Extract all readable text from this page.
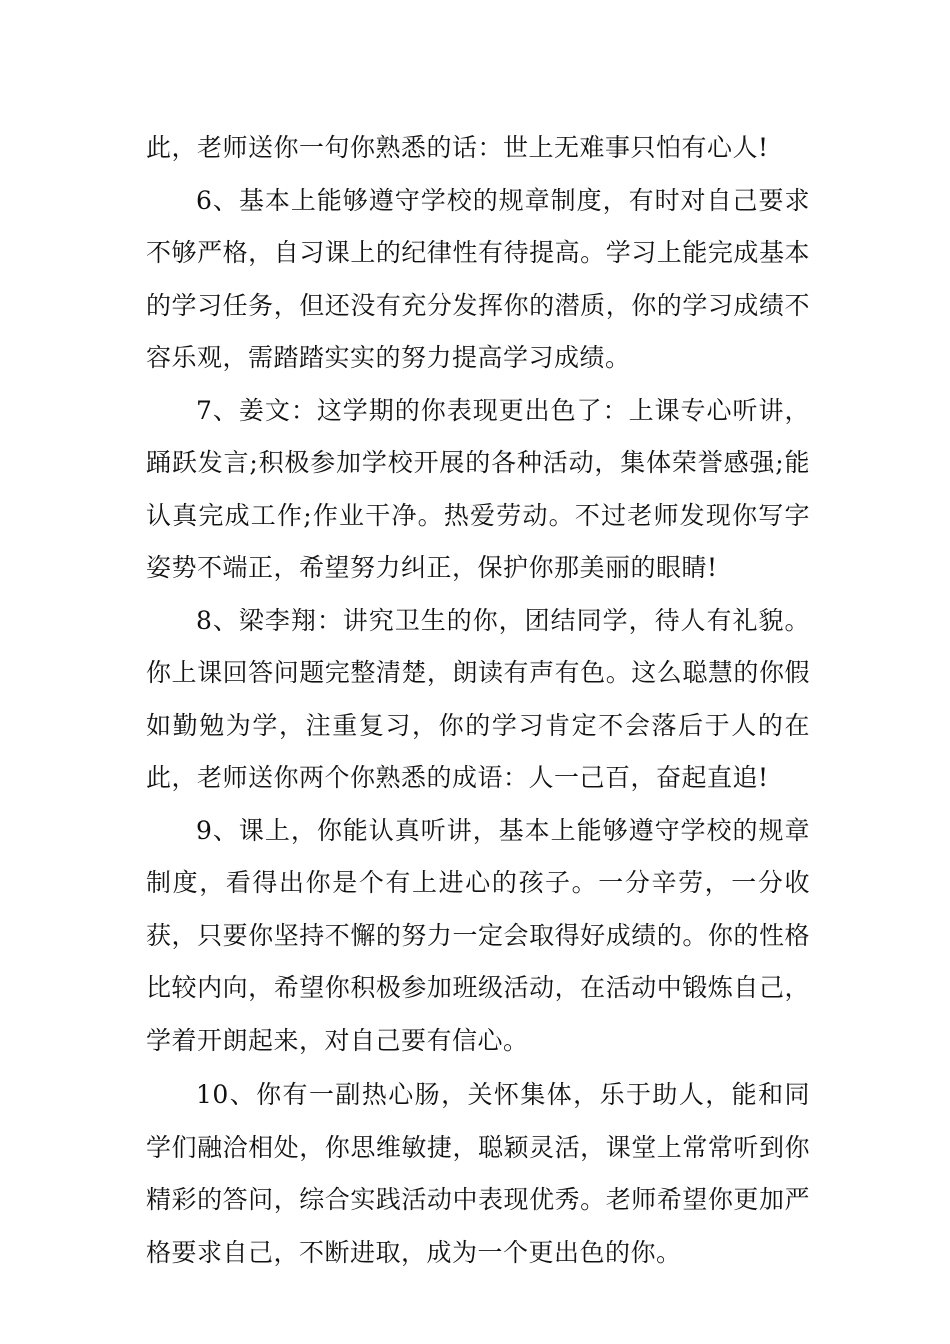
此，老师送你一句你熟悉的话：世上无难事只怕有心人!

6、基本上能够遵守学校的规章制度，有时对自己要求不够严格，自习课上的纪律性有待提高。学习上能完成基本的学习任务，但还没有充分发挥你的潜质，你的学习成绩不容乐观，需踏踏实实的努力提高学习成绩。

7、姜文：这学期的你表现更出色了：上课专心听讲，踊跃发言;积极参加学校开展的各种活动，集体荣誉感强;能认真完成工作;作业干净。热爱劳动。不过老师发现你写字姿势不端正，希望努力纠正，保护你那美丽的眼睛!

8、梁李翔：讲究卫生的你，团结同学，待人有礼貌。你上课回答问题完整清楚，朗读有声有色。这么聪慧的你假如勤勉为学，注重复习，你的学习肯定不会落后于人的在此，老师送你两个你熟悉的成语：人一己百，奋起直追!

9、课上，你能认真听讲，基本上能够遵守学校的规章制度，看得出你是个有上进心的孩子。一分辛劳，一分收获，只要你坚持不懈的努力一定会取得好成绩的。你的性格比较内向，希望你积极参加班级活动，在活动中锻炼自己，学着开朗起来，对自己要有信心。

10、你有一副热心肠，关怀集体，乐于助人，能和同学们融洽相处，你思维敏捷，聪颖灵活，课堂上常常听到你精彩的答问，综合实践活动中表现优秀。老师希望你更加严格要求自己，不断进取，成为一个更出色的你。
